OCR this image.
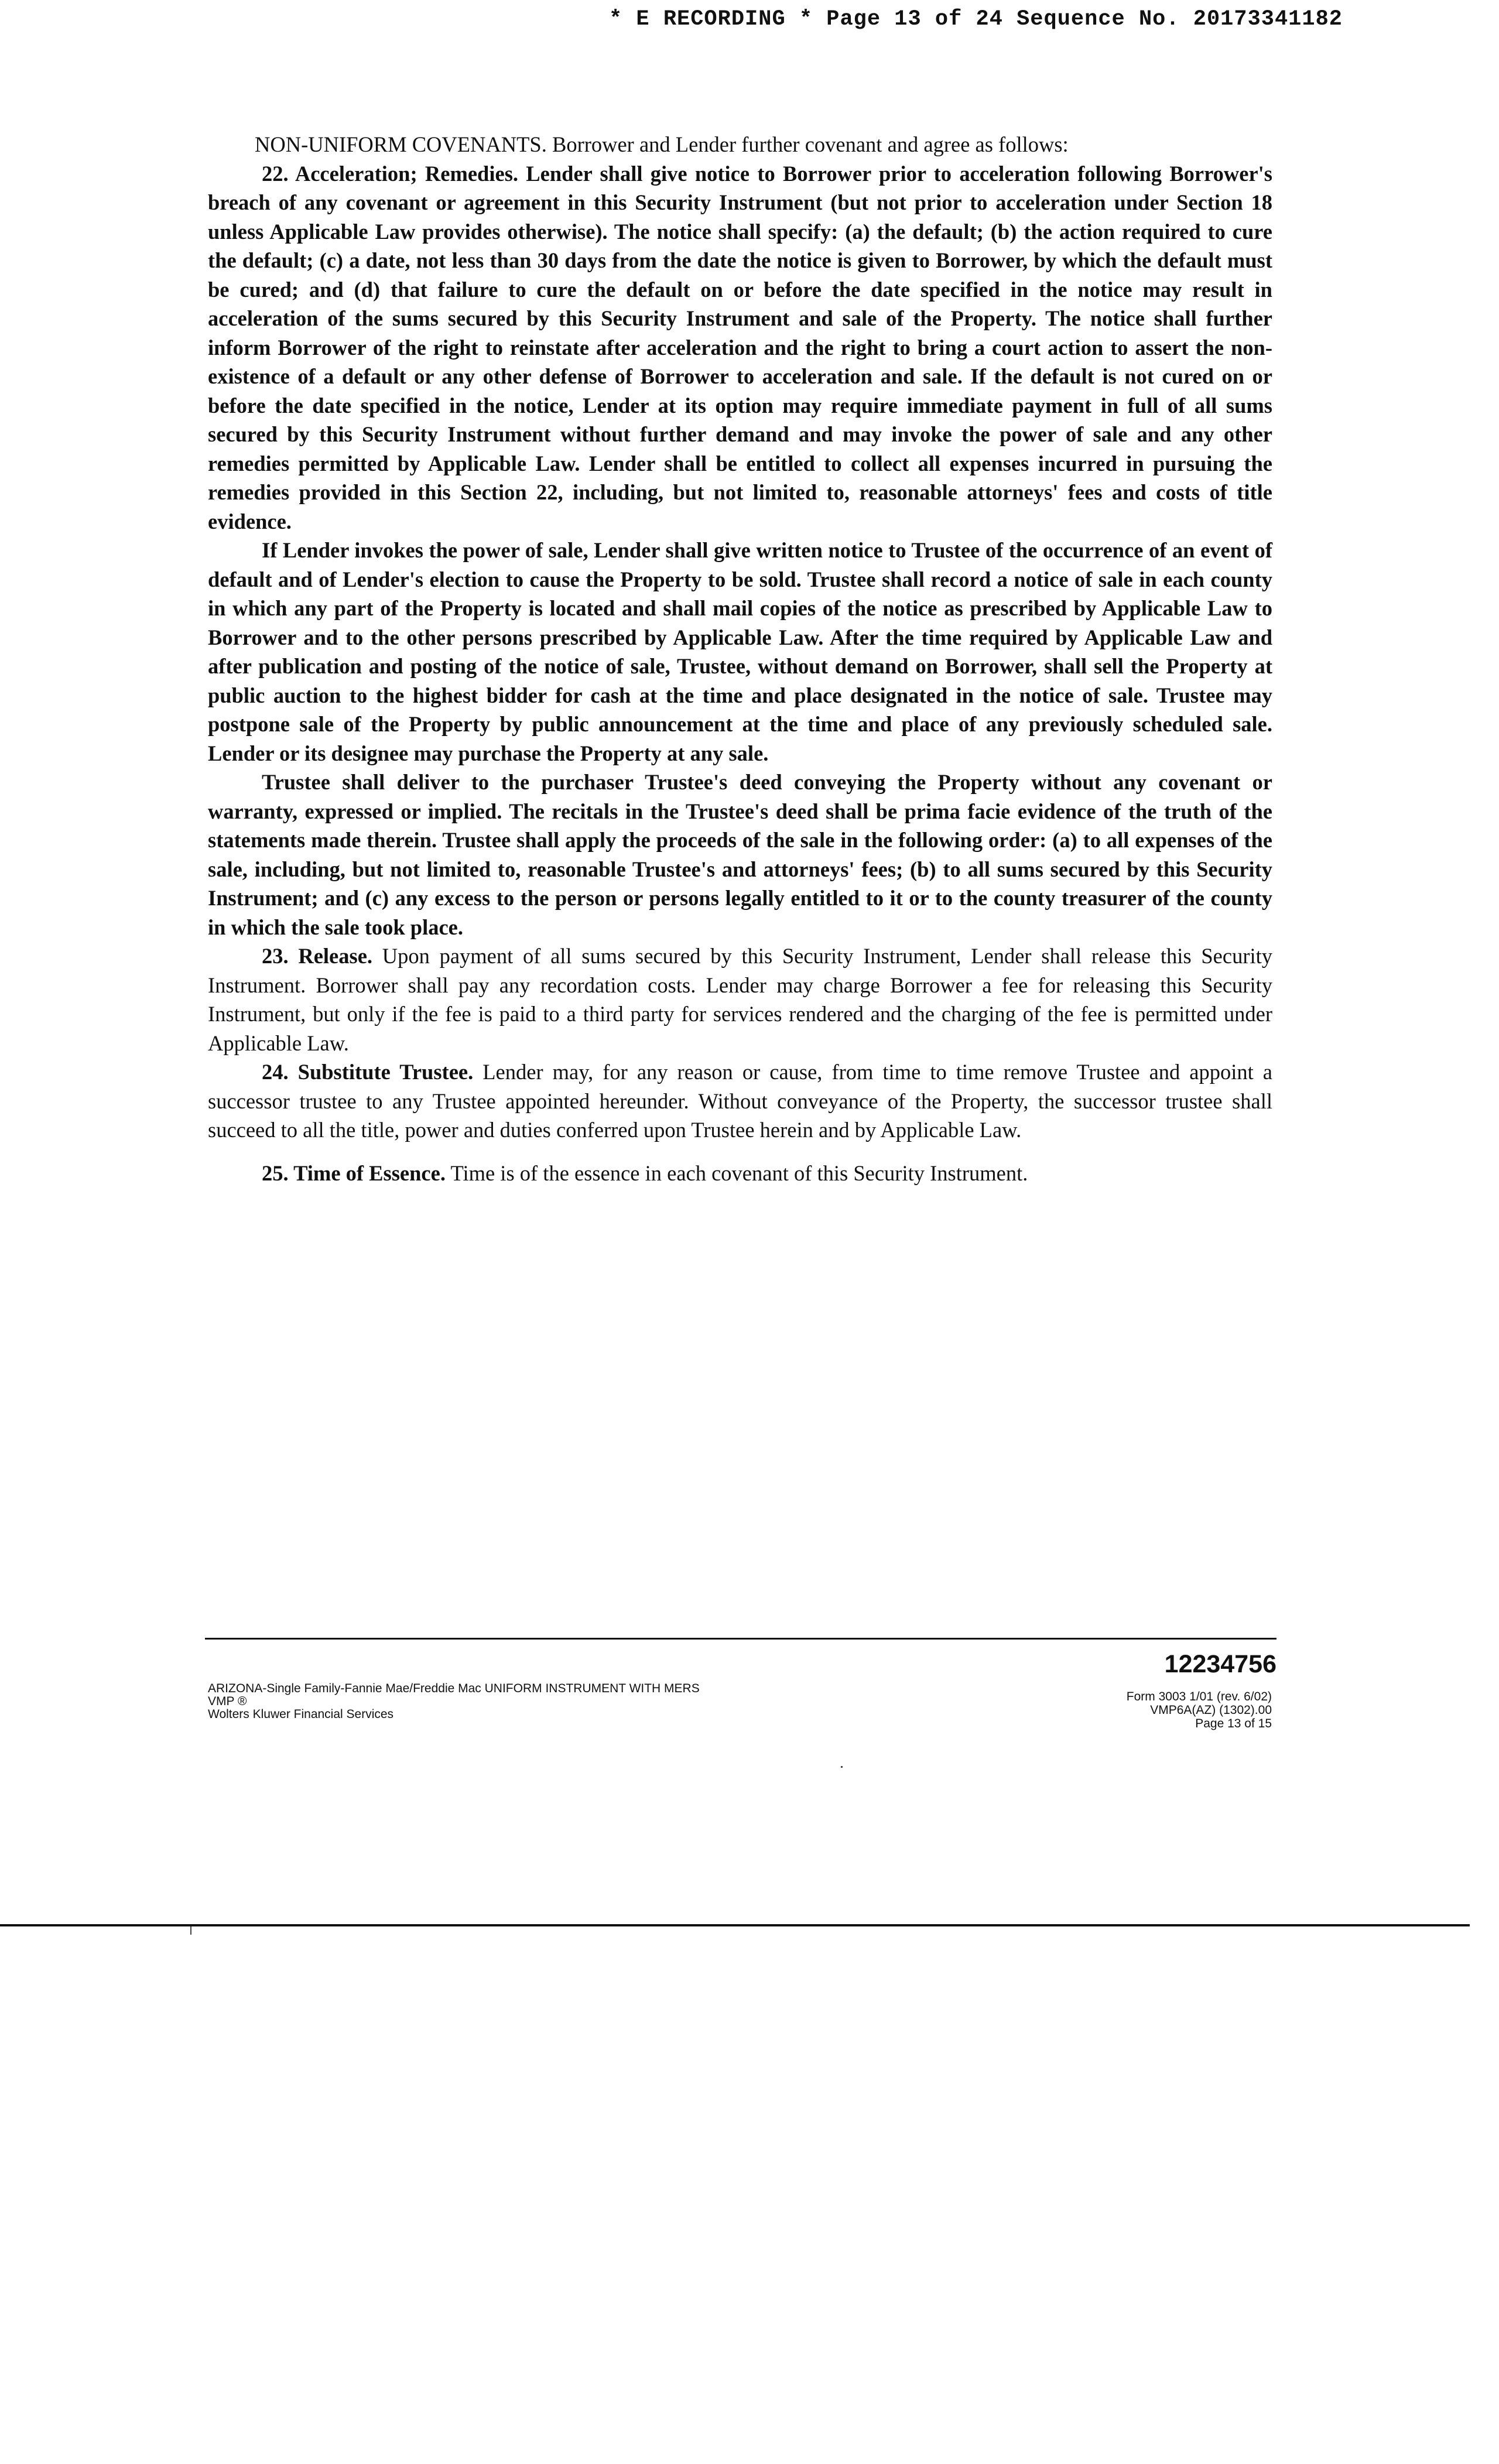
* E RECORDING * Page 13 of 24 Sequence No. 20173341182

NON-UNIFORM COVENANTS. Borrower and Lender further covenant and agree as follows:

22. Acceleration; Remedies. Lender shall give notice to Borrower prior to acceleration following Borrower's breach of any covenant or agreement in this Security Instrument (but not prior to acceleration under Section 18 unless Applicable Law provides otherwise). The notice shall specify: (a) the default; (b) the action required to cure the default; (c) a date, not less than 30 days from the date the notice is given to Borrower, by which the default must be cured; and (d) that failure to cure the default on or before the date specified in the notice may result in acceleration of the sums secured by this Security Instrument and sale of the Property. The notice shall further inform Borrower of the right to reinstate after acceleration and the right to bring a court action to assert the non-existence of a default or any other defense of Borrower to acceleration and sale. If the default is not cured on or before the date specified in the notice, Lender at its option may require immediate payment in full of all sums secured by this Security Instrument without further demand and may invoke the power of sale and any other remedies permitted by Applicable Law. Lender shall be entitled to collect all expenses incurred in pursuing the remedies provided in this Section 22, including, but not limited to, reasonable attorneys' fees and costs of title evidence.

If Lender invokes the power of sale, Lender shall give written notice to Trustee of the occurrence of an event of default and of Lender's election to cause the Property to be sold. Trustee shall record a notice of sale in each county in which any part of the Property is located and shall mail copies of the notice as prescribed by Applicable Law to Borrower and to the other persons prescribed by Applicable Law. After the time required by Applicable Law and after publication and posting of the notice of sale, Trustee, without demand on Borrower, shall sell the Property at public auction to the highest bidder for cash at the time and place designated in the notice of sale. Trustee may postpone sale of the Property by public announcement at the time and place of any previously scheduled sale. Lender or its designee may purchase the Property at any sale.

Trustee shall deliver to the purchaser Trustee's deed conveying the Property without any covenant or warranty, expressed or implied. The recitals in the Trustee's deed shall be prima facie evidence of the truth of the statements made therein. Trustee shall apply the proceeds of the sale in the following order: (a) to all expenses of the sale, including, but not limited to, reasonable Trustee's and attorneys' fees; (b) to all sums secured by this Security Instrument; and (c) any excess to the person or persons legally entitled to it or to the county treasurer of the county in which the sale took place.

23. Release. Upon payment of all sums secured by this Security Instrument, Lender shall release this Security Instrument. Borrower shall pay any recordation costs. Lender may charge Borrower a fee for releasing this Security Instrument, but only if the fee is paid to a third party for services rendered and the charging of the fee is permitted under Applicable Law.

24. Substitute Trustee. Lender may, for any reason or cause, from time to time remove Trustee and appoint a successor trustee to any Trustee appointed hereunder. Without conveyance of the Property, the successor trustee shall succeed to all the title, power and duties conferred upon Trustee herein and by Applicable Law.

25. Time of Essence. Time is of the essence in each covenant of this Security Instrument.

12234756
ARIZONA-Single Family-Fannie Mae/Freddie Mac UNIFORM INSTRUMENT WITH MERS
VMP ®
Wolters Kluwer Financial Services
Form 3003 1/01 (rev. 6/02)
VMP6A(AZ) (1302).00
Page 13 of 15
